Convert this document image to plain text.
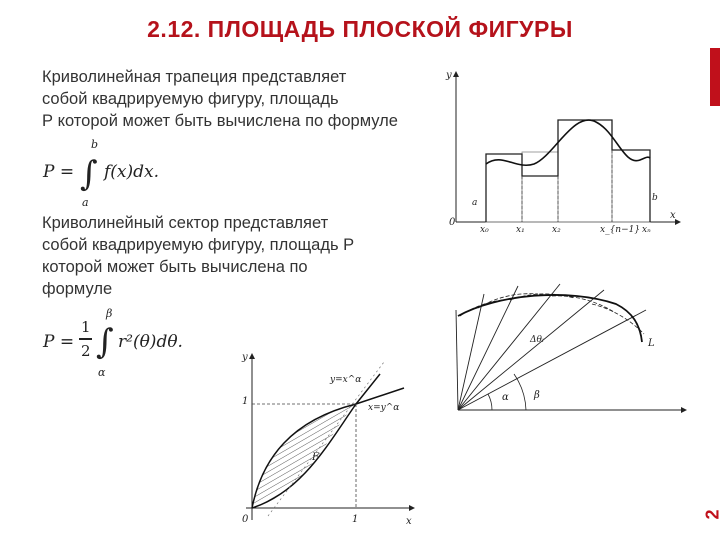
2.12. ПЛОЩАДЬ ПЛОСКОЙ ФИГУРЫ
Криволинейная трапеция представляет
собой квадрируемую фигуру, площадь
Р которой может быть вычислена по формуле
P = ∫
b
a
f(x)dx.
Криволинейный сектор представляет
собой квадрируемую фигуру, площадь Р
которой может быть вычислена по
формуле
P =
1
2 ∫
β
α
r²(θ)dθ.
y
x
0
a	b
x₀	x₁	x₂	x_{n−1} xₙ
L
α	β
Δθᵢ
y
x
0
1
1
y=x^α
x=y^α
F
2
